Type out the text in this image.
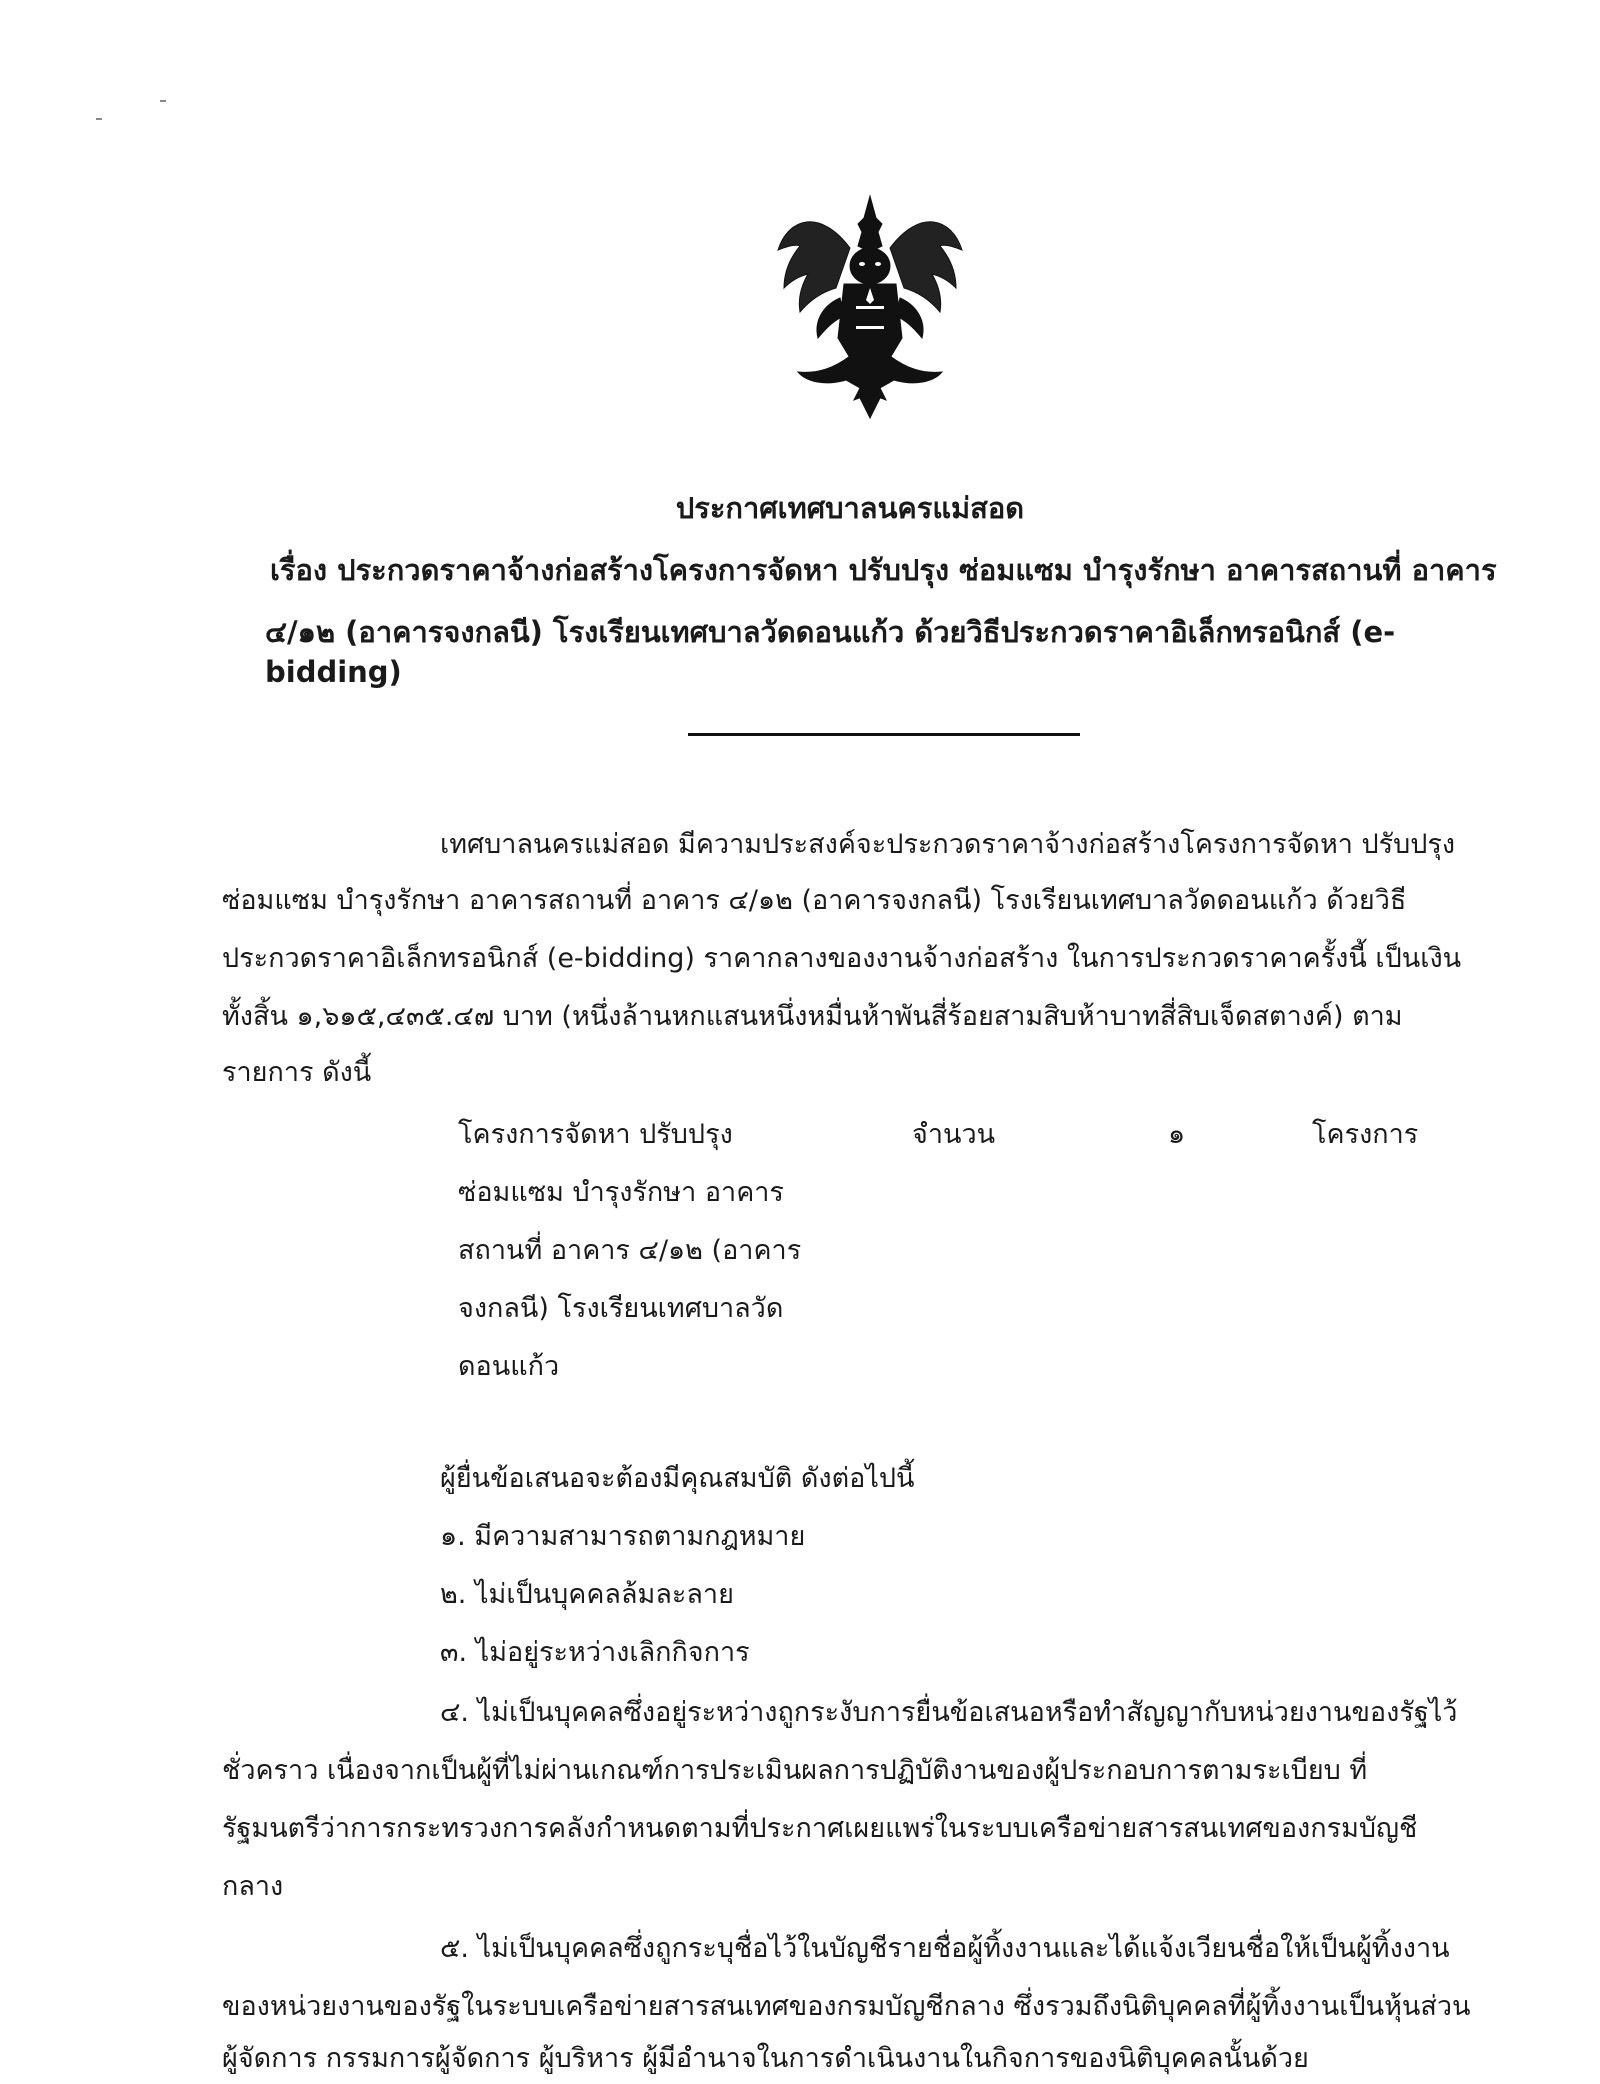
ประกาศเทศบาลนครแม่สอด
เรื่อง ประกวดราคาจ้างก่อสร้างโครงการจัดหา ปรับปรุง ซ่อมแซม บำรุงรักษา อาคารสถานที่ อาคาร
๔/๑๒ (อาคารจงกลนี) โรงเรียนเทศบาลวัดดอนแก้ว ด้วยวิธีประกวดราคาอิเล็กทรอนิกส์ (e-bidding)
เทศบาลนครแม่สอด มีความประสงค์จะประกวดราคาจ้างก่อสร้างโครงการจัดหา ปรับปรุง
ซ่อมแซม บำรุงรักษา อาคารสถานที่ อาคาร ๔/๑๒ (อาคารจงกลนี) โรงเรียนเทศบาลวัดดอนแก้ว ด้วยวิธี
ประกวดราคาอิเล็กทรอนิกส์ (e-bidding) ราคากลางของงานจ้างก่อสร้าง ในการประกวดราคาครั้งนี้ เป็นเงิน
ทั้งสิ้น ๑,๖๑๕,๔๓๕.๔๗ บาท (หนึ่งล้านหกแสนหนึ่งหมื่นห้าพันสี่ร้อยสามสิบห้าบาทสี่สิบเจ็ดสตางค์) ตาม
รายการ ดังนี้
โครงการจัดหา ปรับปรุง
ซ่อมแซม บำรุงรักษา อาคาร
สถานที่ อาคาร ๔/๑๒ (อาคาร
จงกลนี) โรงเรียนเทศบาลวัด
ดอนแก้ว
จำนวน	๑	โครงการ
ผู้ยื่นข้อเสนอจะต้องมีคุณสมบัติ ดังต่อไปนี้
๑. มีความสามารถตามกฎหมาย
๒. ไม่เป็นบุคคลล้มละลาย
๓. ไม่อยู่ระหว่างเลิกกิจการ
๔. ไม่เป็นบุคคลซึ่งอยู่ระหว่างถูกระงับการยื่นข้อเสนอหรือทำสัญญากับหน่วยงานของรัฐไว้
ชั่วคราว เนื่องจากเป็นผู้ที่ไม่ผ่านเกณฑ์การประเมินผลการปฏิบัติงานของผู้ประกอบการตามระเบียบ ที่
รัฐมนตรีว่าการกระทรวงการคลังกำหนดตามที่ประกาศเผยแพร่ในระบบเครือข่ายสารสนเทศของกรมบัญชี
กลาง
๕. ไม่เป็นบุคคลซึ่งถูกระบุชื่อไว้ในบัญชีรายชื่อผู้ทิ้งงานและได้แจ้งเวียนชื่อให้เป็นผู้ทิ้งงาน
ของหน่วยงานของรัฐในระบบเครือข่ายสารสนเทศของกรมบัญชีกลาง ซึ่งรวมถึงนิติบุคคลที่ผู้ทิ้งงานเป็นหุ้นส่วน
ผู้จัดการ กรรมการผู้จัดการ ผู้บริหาร ผู้มีอำนาจในการดำเนินงานในกิจการของนิติบุคคลนั้นด้วย
